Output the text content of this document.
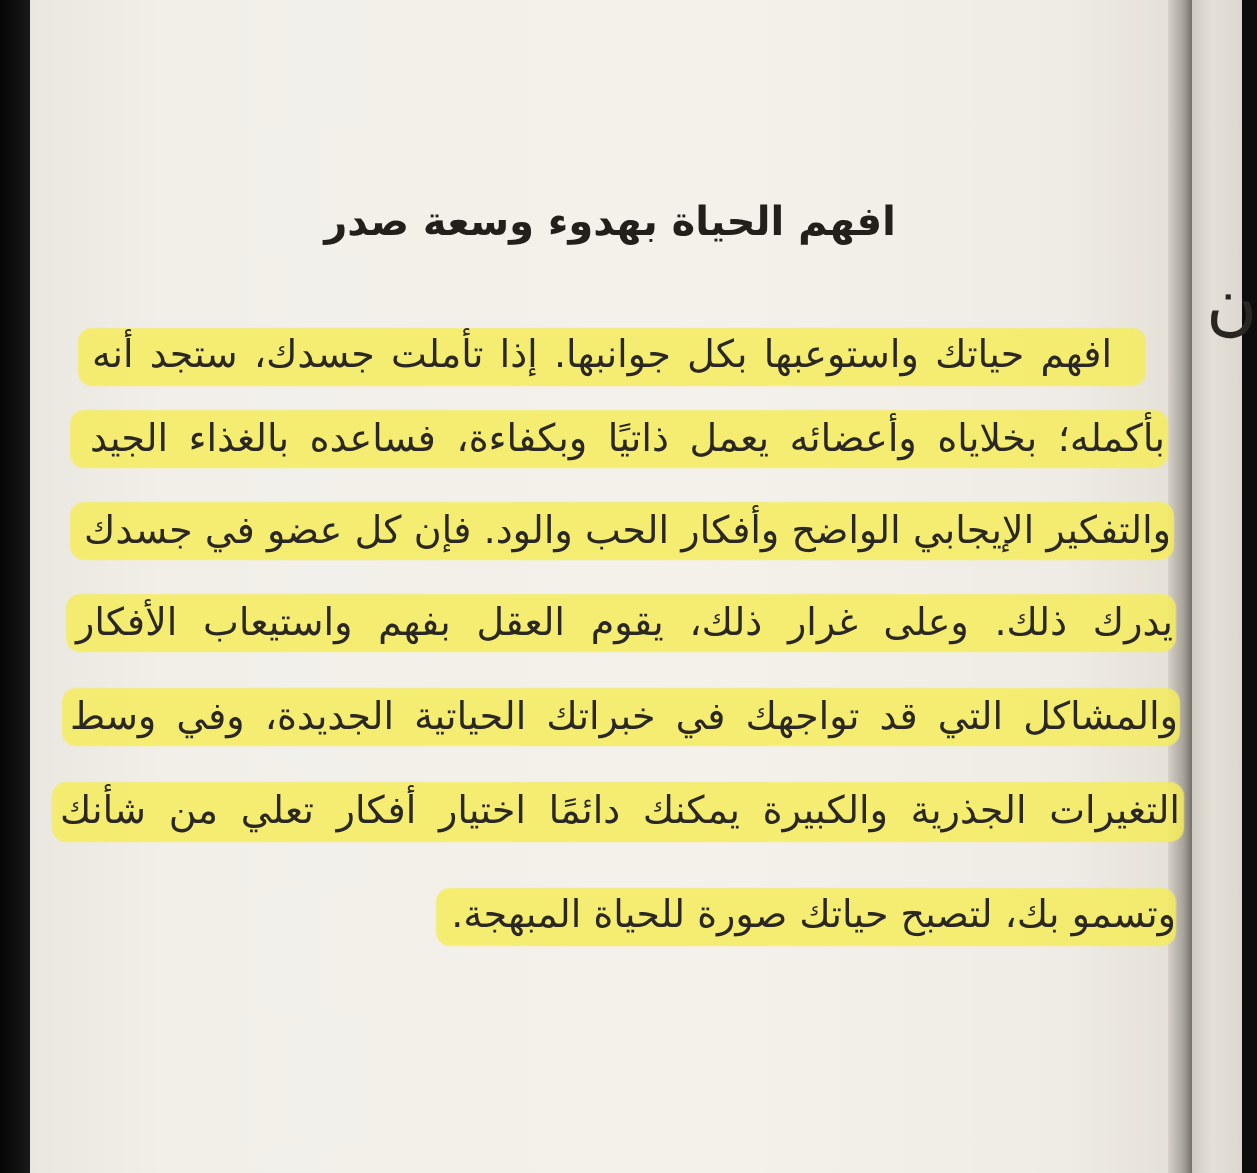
ن
افهم الحياة بهدوء وسعة صدر
افهم حياتك واستوعبها بكل جوانبها. إذا تأملت جسدك، ستجد أنه
بأكمله؛ بخلاياه وأعضائه يعمل ذاتيًا وبكفاءة، فساعده بالغذاء الجيد
والتفكير الإيجابي الواضح وأفكار الحب والود. فإن كل عضو في جسدك
يدرك ذلك. وعلى غرار ذلك، يقوم العقل بفهم واستيعاب الأفكار
والمشاكل التي قد تواجهك في خبراتك الحياتية الجديدة، وفي وسط
التغيرات الجذرية والكبيرة يمكنك دائمًا اختيار أفكار تعلي من شأنك
وتسمو بك، لتصبح حياتك صورة للحياة المبهجة.
